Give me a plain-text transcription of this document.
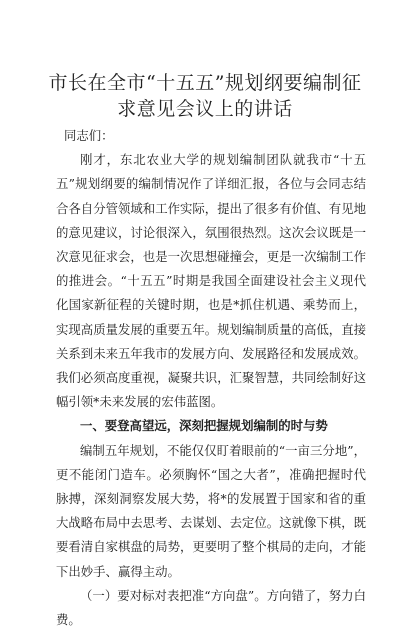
市长在全市“十五五”规划纲要编制征求意见会议上的讲话

同志们：

刚才，东北农业大学的规划编制团队就我市“十五五”规划纲要的编制情况作了详细汇报，各位与会同志结合各自分管领域和工作实际，提出了很多有价值、有见地的意见建议，讨论很深入，氛围很热烈。这次会议既是一次意见征求会，也是一次思想碰撞会，更是一次编制工作的推进会。“十五五”时期是我国全面建设社会主义现代化国家新征程的关键时期，也是*抓住机遇、乘势而上，实现高质量发展的重要五年。规划编制质量的高低，直接关系到未来五年我市的发展方向、发展路径和发展成效。我们必须高度重视，凝聚共识，汇聚智慧，共同绘制好这幅引领*未来发展的宏伟蓝图。

一、要登高望远，深刻把握规划编制的时与势

编制五年规划，不能仅仅盯着眼前的“一亩三分地”，更不能闭门造车。必须胸怀“国之大者”，准确把握时代脉搏，深刻洞察发展大势，将*的发展置于国家和省的重大战略布局中去思考、去谋划、去定位。这就像下棋，既要看清自家棋盘的局势，更要明了整个棋局的走向，才能下出妙手、赢得主动。

（一）要对标对表把准“方向盘”。方向错了，努力白费。
